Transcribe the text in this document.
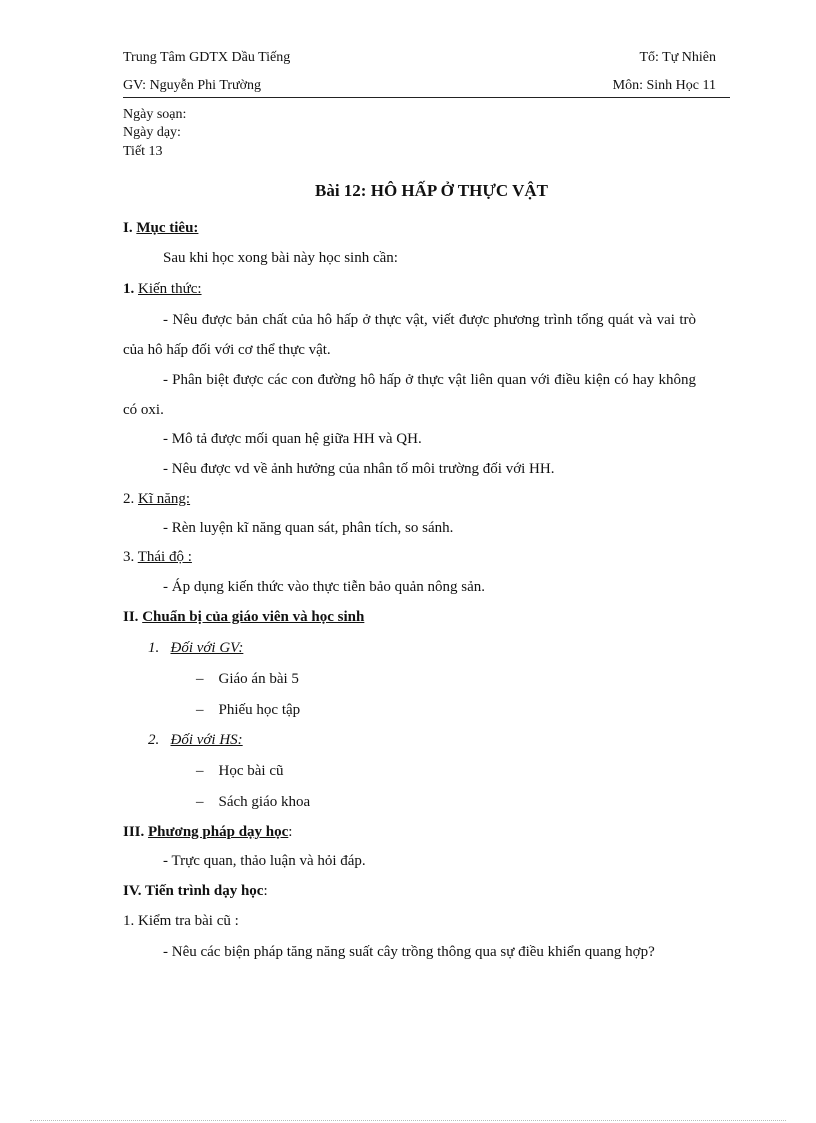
Trung Tâm GDTX Dầu Tiếng	Tổ: Tự Nhiên
GV: Nguyễn Phi Trường	Môn: Sinh Học 11
Ngày soạn:
Ngày dạy:
Tiết 13
Bài 12: HÔ HẤP Ở THỰC VẬT
I. Mục tiêu:
Sau khi học xong bài này học sinh cần:
1. Kiến thức:
- Nêu được bản chất của hô hấp ở thực vật, viết được phương trình tổng quát và vai trò của hô hấp đối với cơ thể thực vật.
- Phân biệt được các con đường hô hấp ở thực vật liên quan với điều kiện có hay không có oxi.
- Mô tả được mối quan hệ giữa HH và QH.
- Nêu được vd về ảnh hưởng của nhân tố môi trường đối với HH.
2. Kĩ năng:
- Rèn luyện kĩ năng quan sát, phân tích, so sánh.
3. Thái độ :
- Áp dụng kiến thức vào thực tiễn bảo quản nông sản.
II. Chuẩn bị của giáo viên và học sinh
1. Đối với GV:
– Giáo án bài 5
– Phiếu học tập
2. Đối với HS:
– Học bài cũ
– Sách giáo khoa
III. Phương pháp dạy học:
- Trực quan, thảo luận và hỏi đáp.
IV. Tiến trình dạy học:
1. Kiểm tra bài cũ :
- Nêu các biện pháp tăng năng suất cây trồng thông qua sự điều khiển quang hợp?
